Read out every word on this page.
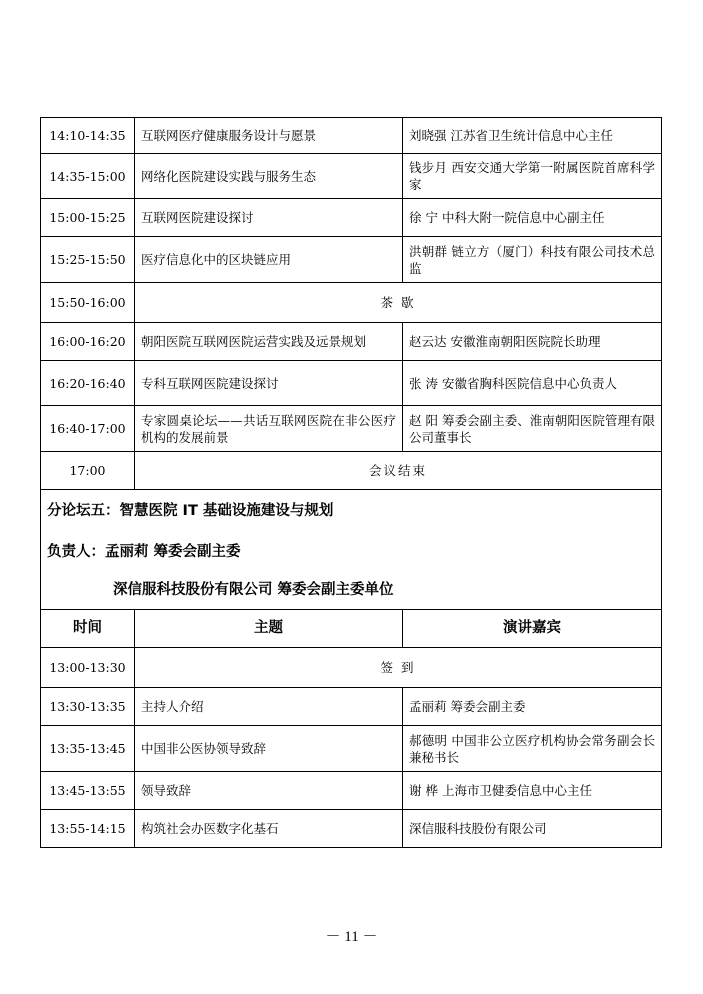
14:10-14:35	互联网医疗健康服务设计与愿景	刘晓强 江苏省卫生统计信息中心主任
14:35-15:00	网络化医院建设实践与服务生态	钱步月 西安交通大学第一附属医院首席科学家
15:00-15:25	互联网医院建设探讨	徐 宁 中科大附一院信息中心副主任
15:25-15:50	医疗信息化中的区块链应用	洪朝群 链立方（厦门）科技有限公司技术总监
15:50-16:00	茶 歇	
16:00-16:20	朝阳医院互联网医院运营实践及远景规划	赵云达 安徽淮南朝阳医院院长助理
16:20-16:40	专科互联网医院建设探讨	张 涛 安徽省胸科医院信息中心负责人
16:40-17:00	专家圆桌论坛——共话互联网医院在非公医疗机构的发展前景	赵 阳 筹委会副主委、淮南朝阳医院管理有限公司董事长
17:00	会议结束	
分论坛五：智慧医院 IT 基础设施建设与规划		
负责人：孟丽莉 筹委会副主委		
深信服科技股份有限公司 筹委会副主委单位		
时间	主题	演讲嘉宾
13:00-13:30	签 到	
13:30-13:35	主持人介绍	孟丽莉 筹委会副主委
13:35-13:45	中国非公医协领导致辞	郝德明 中国非公立医疗机构协会常务副会长兼秘书长
13:45-13:55	领导致辞	谢 桦 上海市卫健委信息中心主任
13:55-14:15	构筑社会办医数字化基石	深信服科技股份有限公司
－ 11 －
